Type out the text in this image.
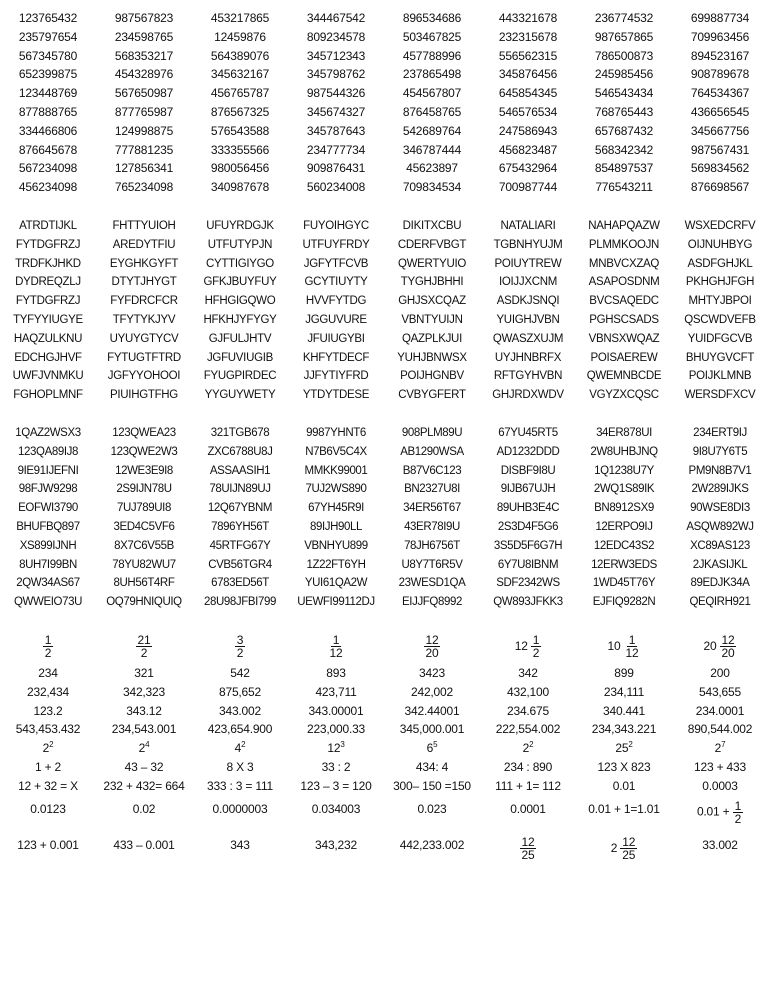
123765432	987567823	453217865	344467542	896534686	443321678	236774532	699887734
235797654	234598765	12459876	809234578	503467825	232315678	987657865	709963456
567345780	568353217	564389076	345712343	457788996	556562315	786500873	894523167
652399875	454328976	345632167	345798762	237865498	345876456	245985456	908789678
123448769	567650987	456765787	987544326	454567807	645854345	546543434	764534367
877888765	877765987	876567325	345674327	876458765	546576534	768765443	436656545
334466806	124998875	576543588	345787643	542689764	247586943	657687432	345667756
876645678	777881235	333355566	234777734	346787444	456823487	568342342	987567431
567234098	127856341	980056456	909876431	45623897	675432964	854897537	569834562
456234098	765234098	340987678	560234008	709834534	700987744	776543211	876698567
ATRDTIJKL	FHTTYUIOH	UFUYRDGJK	FUYOIHGYC	DIKITXCBU	NATALIARI	NAHAPQAZW	WSXEDCRFV
FYTDGFRZJ	AREDYTFIU	UTFUTYPJN	UTFUYFRDY	CDERFVBGT	TGBNHYUJM	PLMMKOOJN	OIJNUHBYG
TRDFKJHKD	EYGHKGYFT	CYTTIGIYGO	JGFYTFCVB	QWERTYUIO	POIUYTREW	MNBVCXZAQ	ASDFGHJKL
DYDREQZLJ	DTYTJHYGT	GFKJBUYFUY	GCYTIUYTY	TYGHJBHHI	IOIJJXCNM	ASAPOSDNM	PKHGHJFGH
FYTDGFRZJ	FYFDRCFCR	HFHGIGQWO	HVVFYTDG	GHJSXCQAZ	ASDKJSNQI	BVCSAQEDC	MHTYJBPOI
TYFYYIUGYE	TFYTYKJYV	HFKHJYFYGY	JGGUVURE	VBNTYUIJN	YUIGHJVBN	PGHSCSADS	QSCWDVEFB
HAQZULKNU	UYUYGTYCV	GJFULJHTV	JFUIUGYBI	QAZPLKJUI	QWASZXUJM	VBNSXWQAZ	YUIDFGCVB
EDCHGJHVF	FYTUGTFTRD	JGFUVIUGIB	KHFYTDECF	YUHJBNWSX	UYJHNBRFX	POISAEREW	BHUYGVCFT
UWFJVNMKU	JGFYYOHOOI	FYUGPIRDEC	JJFYTIYFRD	POIJHGNBV	RFTGYHVBN	QWEMNBCDE	POIJKLMNB
FGHOPLMNF	PIUIHGTFHG	YYGUYWETY	YTDYTDESE	CVBYGFERT	GHJRDXWDV	VGYZXCQSC	WERSDFXCV
1QAZ2WSX3	123QWEA23	321TGB678	9987YHNT6	908PLM89U	67YU45RT5	34ER878UI	234ERT9IJ
123QA89IJ8	123QWE2W3	ZXC6788U8J	N7B6V5C4X	AB1290WSA	AD1232DDD	2W8UHBJNQ	9I8U7Y6T5
9IE91IJEFNI	12WE3E9I8	ASSAASIH1	MMKK99001	B87V6C123	DISBF9I8U	1Q1238U7Y	PM9N8B7V1
98FJW9298	2S9IJN78U	78UIJN89UJ	7UJ2WS890	BN2327U8I	9IJB67UJH	2WQ1S89IK	2W289IJKS
EOFWI3790	7UJ789UI8	12Q67YBNM	67YH45R9I	34ER56T67	89UHB3E4C	BN8912SX9	90WSE8DI3
BHUFBQ897	3ED4C5VF6	7896YH56T	89IJH90LL	43ER78I9U	2S3D4F5G6	12ERPO9IJ	ASQW892WJ
XS899IJNH	8X7C6V55B	45RTFG67Y	VBNHYU899	78JH6756T	3S5D5F6G7H	12EDC43S2	XC89AS123
8UH7I99BN	78YU82WU7	CVB56TGR4	1Z22FT6YH	U8Y7T6R5V	6Y7U8IBNM	12ERW3EDS	2JKASIJKL
2QW34AS67	8UH56T4RF	6783ED56T	YUI61QA2W	23WESD1QA	SDF2342WS	1WD45T76Y	89EDJK34A
QWWEIO73U	OQ79HNIQUIQ	28U98JFBI799	UEWFI99112DJ	EIJJFQ8992	QW893JFKK3	EJFIQ9282N	QEQIRH921
$\frac{1}{2}$	$\frac{21}{2}$	$\frac{3}{2}$	$\frac{1}{12}$	$\frac{12}{20}$	$12 \frac{1}{2}$	$10 \frac{1}{12}$	$20 \frac{12}{20}$
234	321	542	893	3423	342	899	200
232,434	342,323	875,652	423,711	242,002	432,100	234,111	543,655
123.2	343.12	343.002	343.00001	342.44001	234.675	340.441	234.0001
543,453.432	234,543.001	423,654.900	223,000.33	345,000.001	222,554.002	234,343.221	890,544.002
$2^2$	$2^4$	$4^2$	$12^3$	$6^5$	$2^2$	$25^2$	$2^7$
1 + 2	43 – 32	8 X 3	33 : 2	434: 4	234 : 890	123 X 823	123 + 433
12 + 32 = X	232 + 432= 664	333 : 3 = 111	123 – 3 = 120	300– 150 =150	111 + 1= 112	0.01	0.0003
0.0123	0.02	0.0000003	0.034003	0.023	0.0001	0.01 + 1=1.01	$0.01 + \frac{1}{2}$
123 + 0.001	433 – 0.001	343	343,232	442,233.002	$\frac{12}{25}$	$2 \frac{12}{25}$	33.002
